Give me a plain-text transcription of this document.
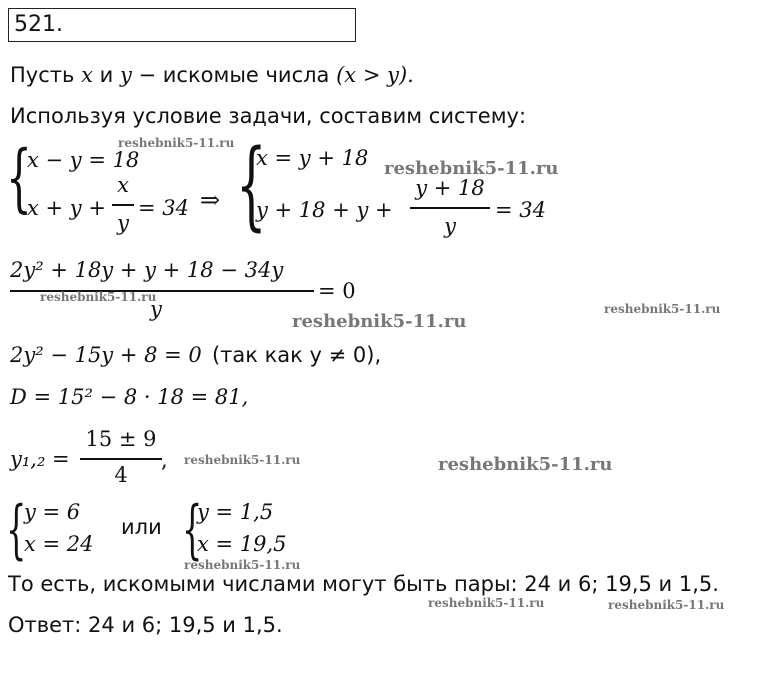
521.
Пусть x и y − искомые числа (x > y).
Используя условие задачи, составим систему:
{
x − y = 18
x + y +
x
y
= 34 ⇒ {
x = y + 18
y + 18 + y +
y + 18
y
= 34
2y² + 18y + y + 18 − 34y
y
= 0
2y² − 15y + 8 = 0 (так как y ≠ 0),
D = 15² − 8 · 18 = 81,
y₁,₂ =
15 ± 9
4
,
{
y = 6
x = 24
или {
y = 1,5
x = 19,5
То есть, искомыми числами могут быть пары: 24 и 6; 19,5 и 1,5.
Ответ: 24 и 6; 19,5 и 1,5.
reshebnik5-11.ru
reshebnik5-11.ru
reshebnik5-11.ru
reshebnik5-11.ru
reshebnik5-11.ru
reshebnik5-11.ru	reshebnik5-11.ru
reshebnik5-11.ru
reshebnik5-11.ru	reshebnik5-11.ru
